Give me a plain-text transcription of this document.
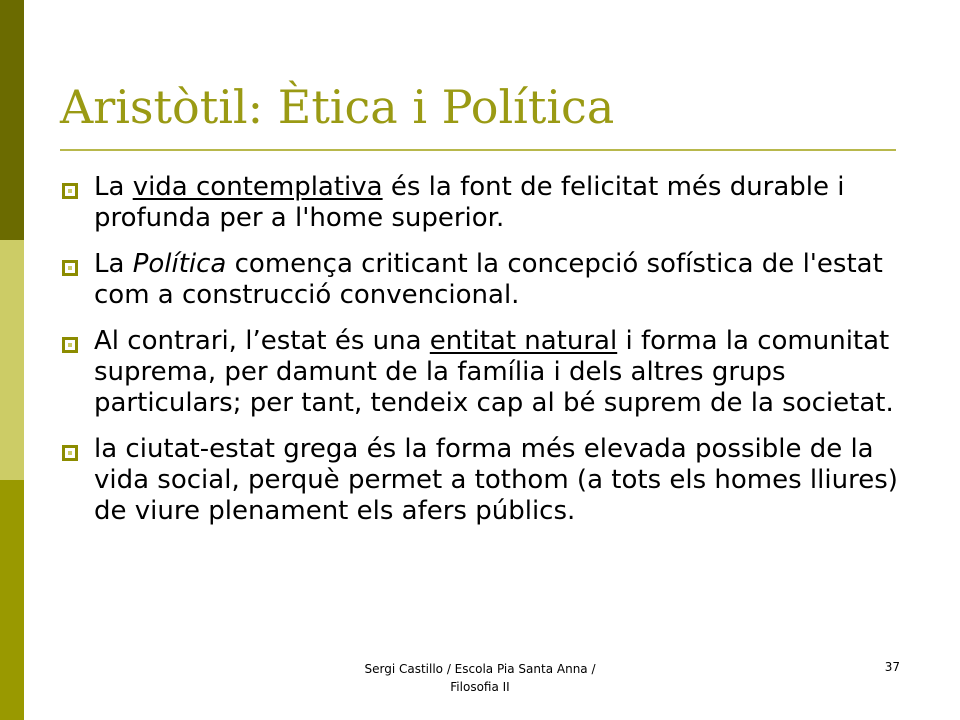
Aristòtil: Ètica i Política
La vida contemplativa és la font de felicitat més durable i profunda per a l'home superior.
La Política comença criticant la concepció sofística de l'estat com a construcció convencional.
Al contrari, l’estat és una entitat natural i forma la comunitat suprema, per damunt de la família i dels altres grups particulars; per tant, tendeix cap al bé suprem de la societat.
la ciutat-estat grega és la forma més elevada possible de la vida social, perquè permet a tothom (a tots els homes lliures) de viure plenament els afers públics.
Sergi Castillo / Escola Pia Santa Anna /
Filosofia II
37
